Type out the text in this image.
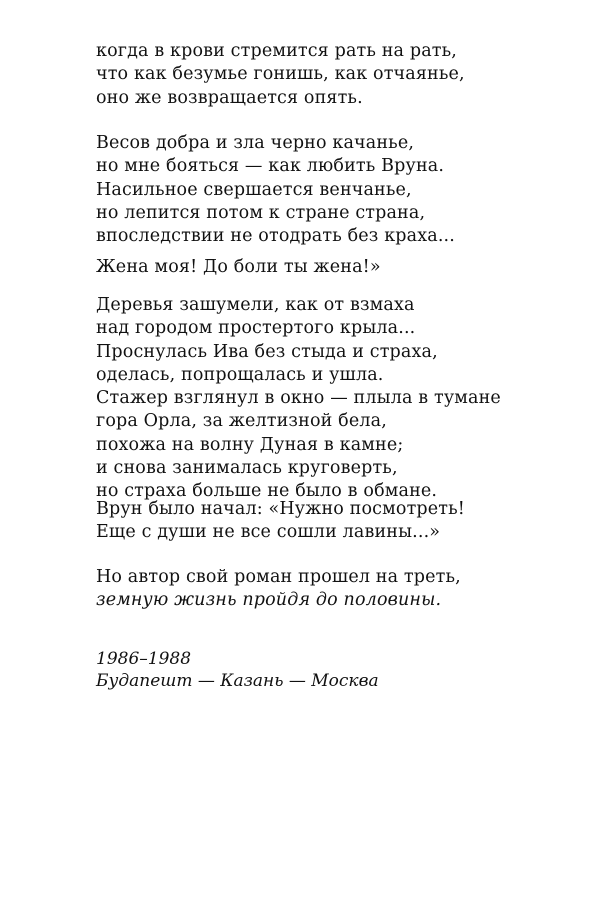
когда в крови стремится рать на рать,
что как безумье гонишь, как отчаянье,
оно же возвращается опять.
Весов добра и зла черно качанье,
но мне бояться — как любить Вруна.
Насильное свершается венчанье,
но лепится потом к стране страна,
впоследствии не отодрать без краха...
Жена моя! До боли ты жена!»
Деревья зашумели, как от взмаха
над городом простертого крыла...
Проснулась Ива без стыда и страха,
оделась, попрощалась и ушла.
Стажер взглянул в окно — плыла в тумане
гора Орла, за желтизной бела,
похожа на волну Дуная в камне;
и снова занималась круговерть,
но страха больше не было в обмане.
Врун было начал: «Нужно посмотреть!
Еще с души не все сошли лавины...»
Но автор свой роман прошел на треть,
земную жизнь пройдя до половины.
1986–1988
Будапешт — Казань — Москва
